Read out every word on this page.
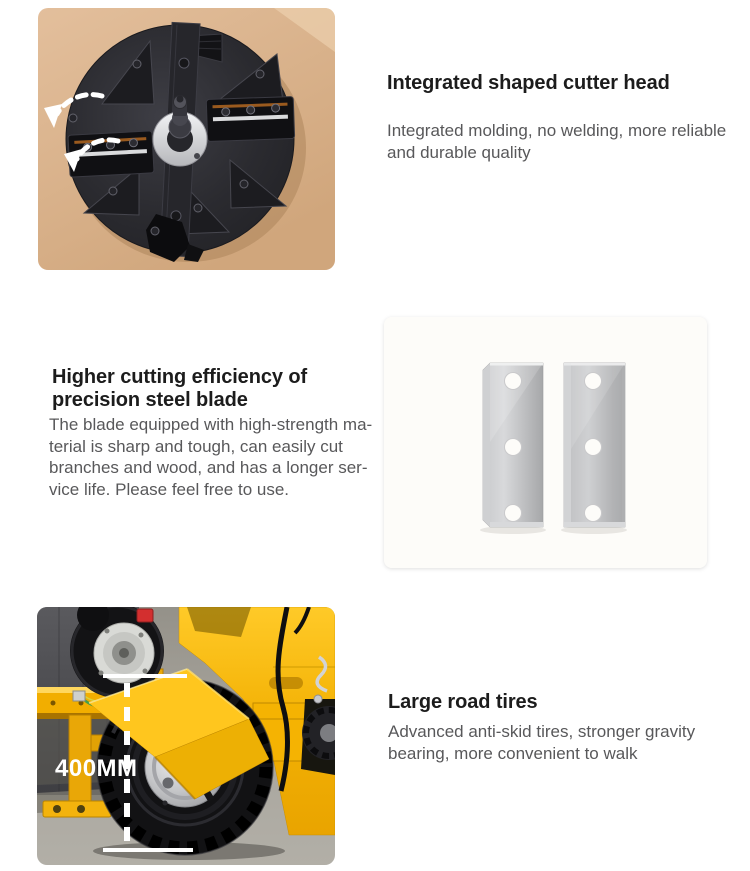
Integrated shaped cutter head
Integrated molding, no welding, more reliable
and durable quality
Higher cutting efficiency of
precision steel blade
The blade equipped with high-strength ma-
terial is sharp and tough, can easily cut
branches and wood, and has a longer ser-
vice life. Please feel free to use.
400MM
Large road tires
Advanced anti-skid tires, stronger gravity
bearing, more convenient to walk
